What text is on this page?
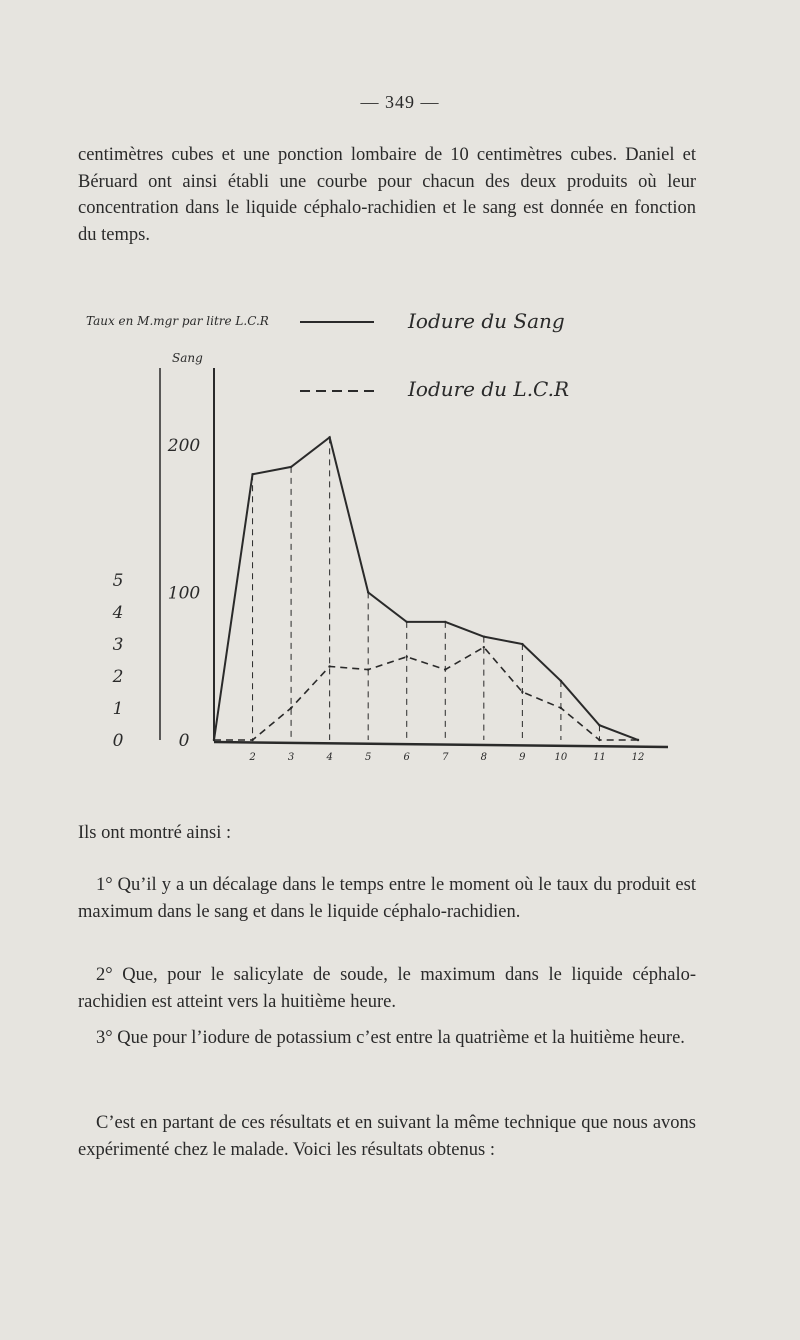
— 349 —

centimètres cubes et une ponction lombaire de 10 centimètres cubes. Daniel et Béruard ont ainsi établi une courbe pour chacun des deux produits où leur concentration dans le liquide céphalo-rachidien et le sang est donnée en fonction du temps.

Taux en M.mgr par litre L.C.R
Sang
Iodure du Sang
Iodure du L.C.R
5
4
3
2
1
0
200
100
0
2	3	4	5	6	7	8	9	10	11	12

Ils ont montré ainsi :

1° Qu’il y a un décalage dans le temps entre le moment où le taux du produit est maximum dans le sang et dans le liquide céphalo-rachidien.

2° Que, pour le salicylate de soude, le maximum dans le liquide céphalo-rachidien est atteint vers la huitième heure.

3° Que pour l’iodure de potassium c’est entre la quatrième et la huitième heure.

C’est en partant de ces résultats et en suivant la même technique que nous avons expérimenté chez le malade. Voici les résultats obtenus :
